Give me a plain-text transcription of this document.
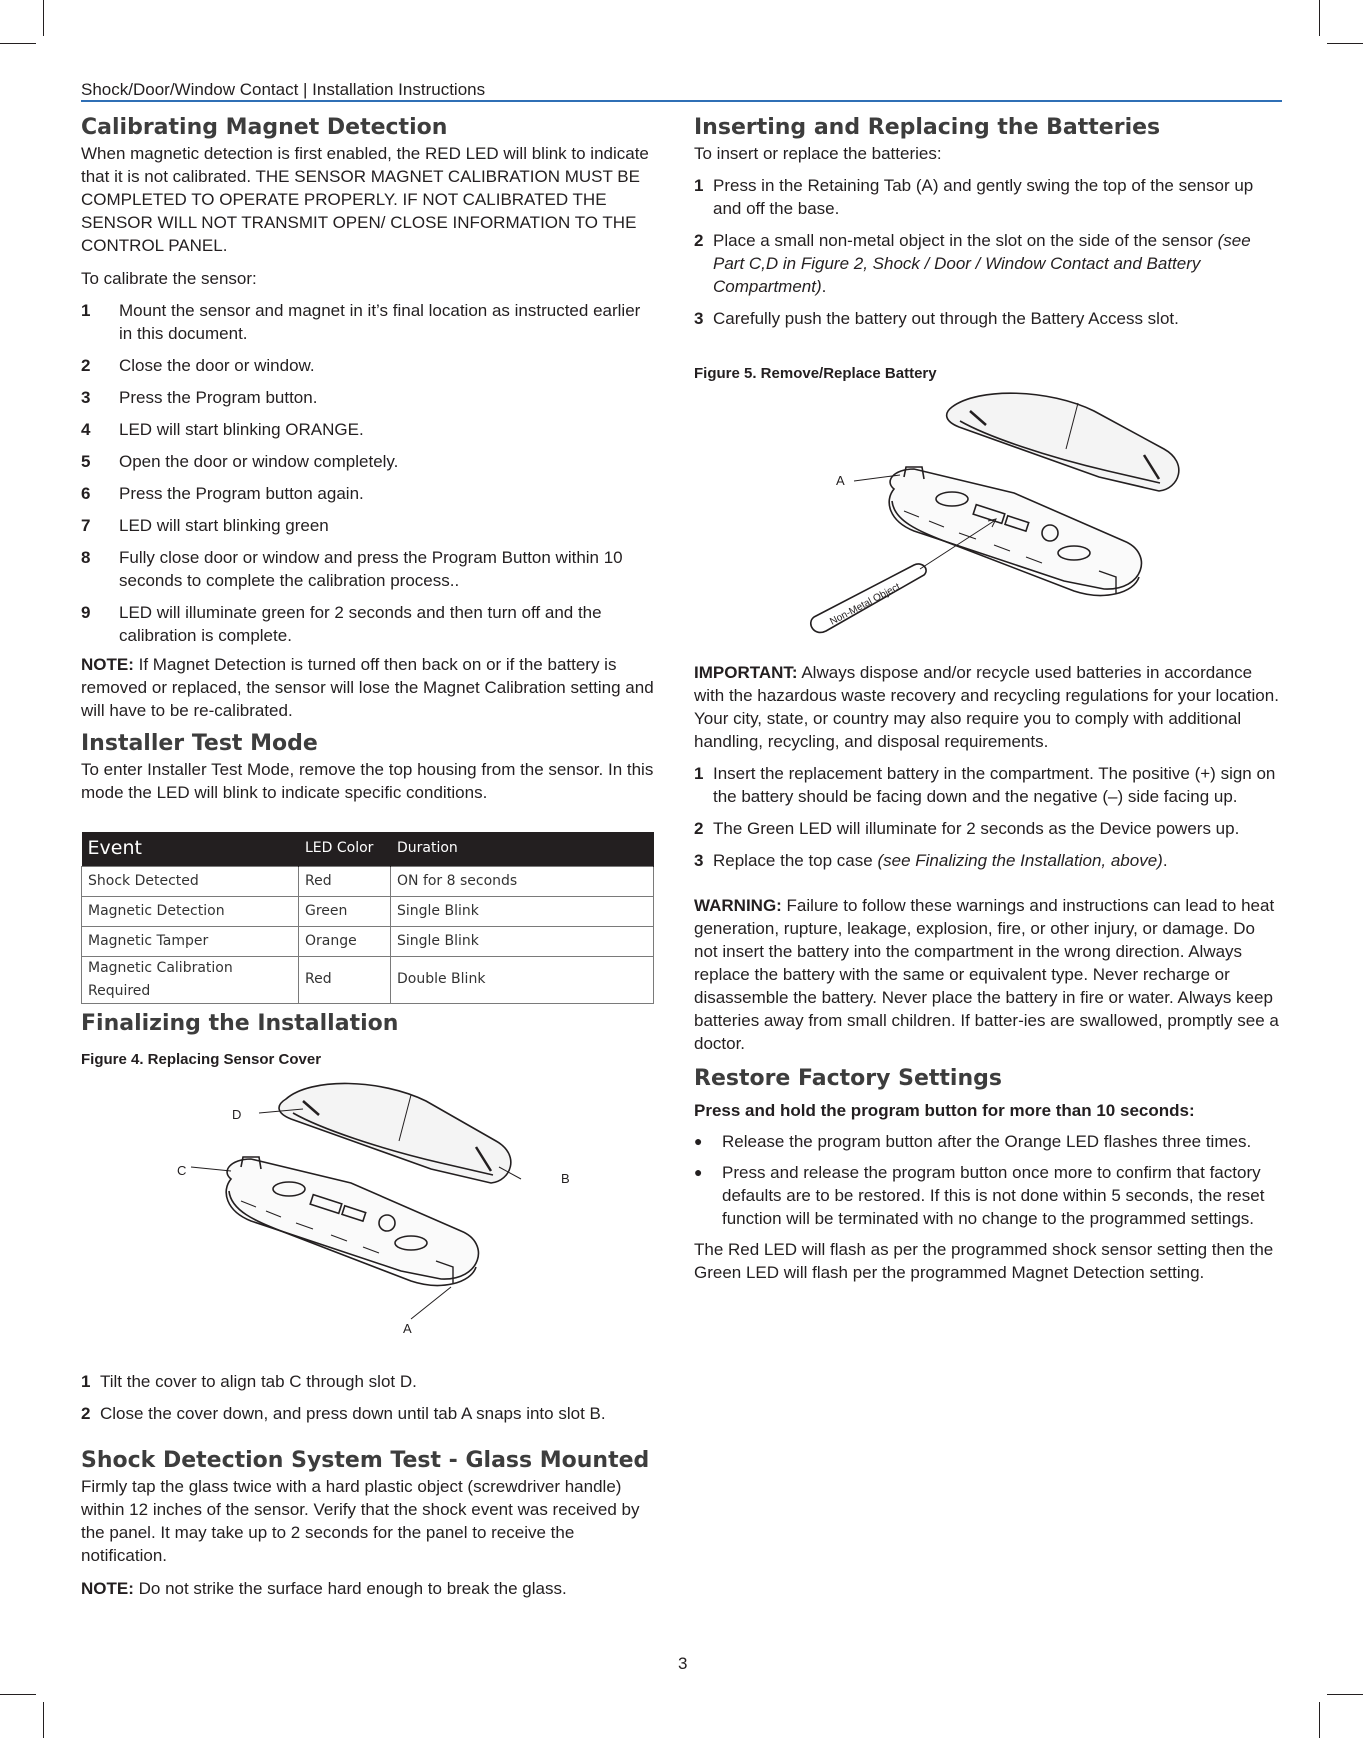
Shock/Door/Window Contact | Installation Instructions
Calibrating Magnet Detection

When magnetic detection is first enabled, the RED LED will blink to indicate that it is not calibrated. THE SENSOR MAGNET CALIBRATION MUST BE COMPLETED TO OPERATE PROPERLY. IF NOT CALIBRATED THE SENSOR WILL NOT TRANSMIT OPEN/ CLOSE INFORMATION TO THE CONTROL PANEL.

To calibrate the sensor:

1	Mount the sensor and magnet in it’s final location as instructed earlier in this document.
2	Close the door or window.
3	Press the Program button.
4	LED will start blinking ORANGE.
5	Open the door or window completely.
6	Press the Program button again.
7	LED will start blinking green
8	Fully close door or window and press the Program Button within 10 seconds to complete the calibration process..
9	LED will illuminate green for 2 seconds and then turn off and the calibration is complete.

NOTE: If Magnet Detection is turned off then back on or if the battery is removed or replaced, the sensor will lose the Magnet Calibration setting and will have to be re-calibrated.

Installer Test Mode

To enter Installer Test Mode, remove the top housing from the sensor. In this mode the LED will blink to indicate specific conditions.

Event	LED Color	Duration
Shock Detected	Red	ON for 8 seconds
Magnetic Detection	Green	Single Blink
Magnetic Tamper	Orange	Single Blink
Magnetic Calibration Required	Red	Double Blink
Finalizing the Installation

Figure 4. Replacing Sensor Cover

D
C
B
A
1 Tilt the cover to align tab C through slot D.
2 Close the cover down, and press down until tab A snaps into slot B.
Shock Detection System Test - Glass Mounted

Firmly tap the glass twice with a hard plastic object (screwdriver handle) within 12 inches of the sensor. Verify that the shock event was received by the panel. It may take up to 2 seconds for the panel to receive the notification.

NOTE: Do not strike the surface hard enough to break the glass.

Inserting and Replacing the Batteries

To insert or replace the batteries:

1 Press in the Retaining Tab (A) and gently swing the top of the sensor up and off the base.
2 Place a small non-metal object in the slot on the side of the sensor (see Part C,D in Figure 2, Shock / Door / Window Contact and Battery Compartment).
3 Carefully push the battery out through the Battery Access slot.

Figure 5. Remove/Replace Battery

A
Non-Metal Object

IMPORTANT: Always dispose and/or recycle used batteries in accordance with the hazardous waste recovery and recycling regulations for your location. Your city, state, or country may also require you to comply with additional handling, recycling, and disposal requirements.

1 Insert the replacement battery in the compartment. The positive (+) sign on the battery should be facing down and the negative (–) side facing up.
2 The Green LED will illuminate for 2 seconds as the Device powers up.
3 Replace the top case (see Finalizing the Installation, above).

WARNING: Failure to follow these warnings and instructions can lead to heat generation, rupture, leakage, explosion, fire, or other injury, or damage. Do not insert the battery into the compartment in the wrong direction. Always replace the battery with the same or equivalent type. Never recharge or disassemble the battery. Never place the battery in fire or water. Always keep batteries away from small children. If batter-ies are swallowed, promptly see a doctor.

Restore Factory Settings

Press and hold the program button for more than 10 seconds:

●	Release the program button after the Orange LED flashes three times.
●	Press and release the program button once more to confirm that factory defaults are to be restored. If this is not done within 5 seconds, the reset function will be terminated with no change to the programmed settings.

The Red LED will flash as per the programmed shock sensor setting then the Green LED will flash per the programmed Magnet Detection setting.

3
